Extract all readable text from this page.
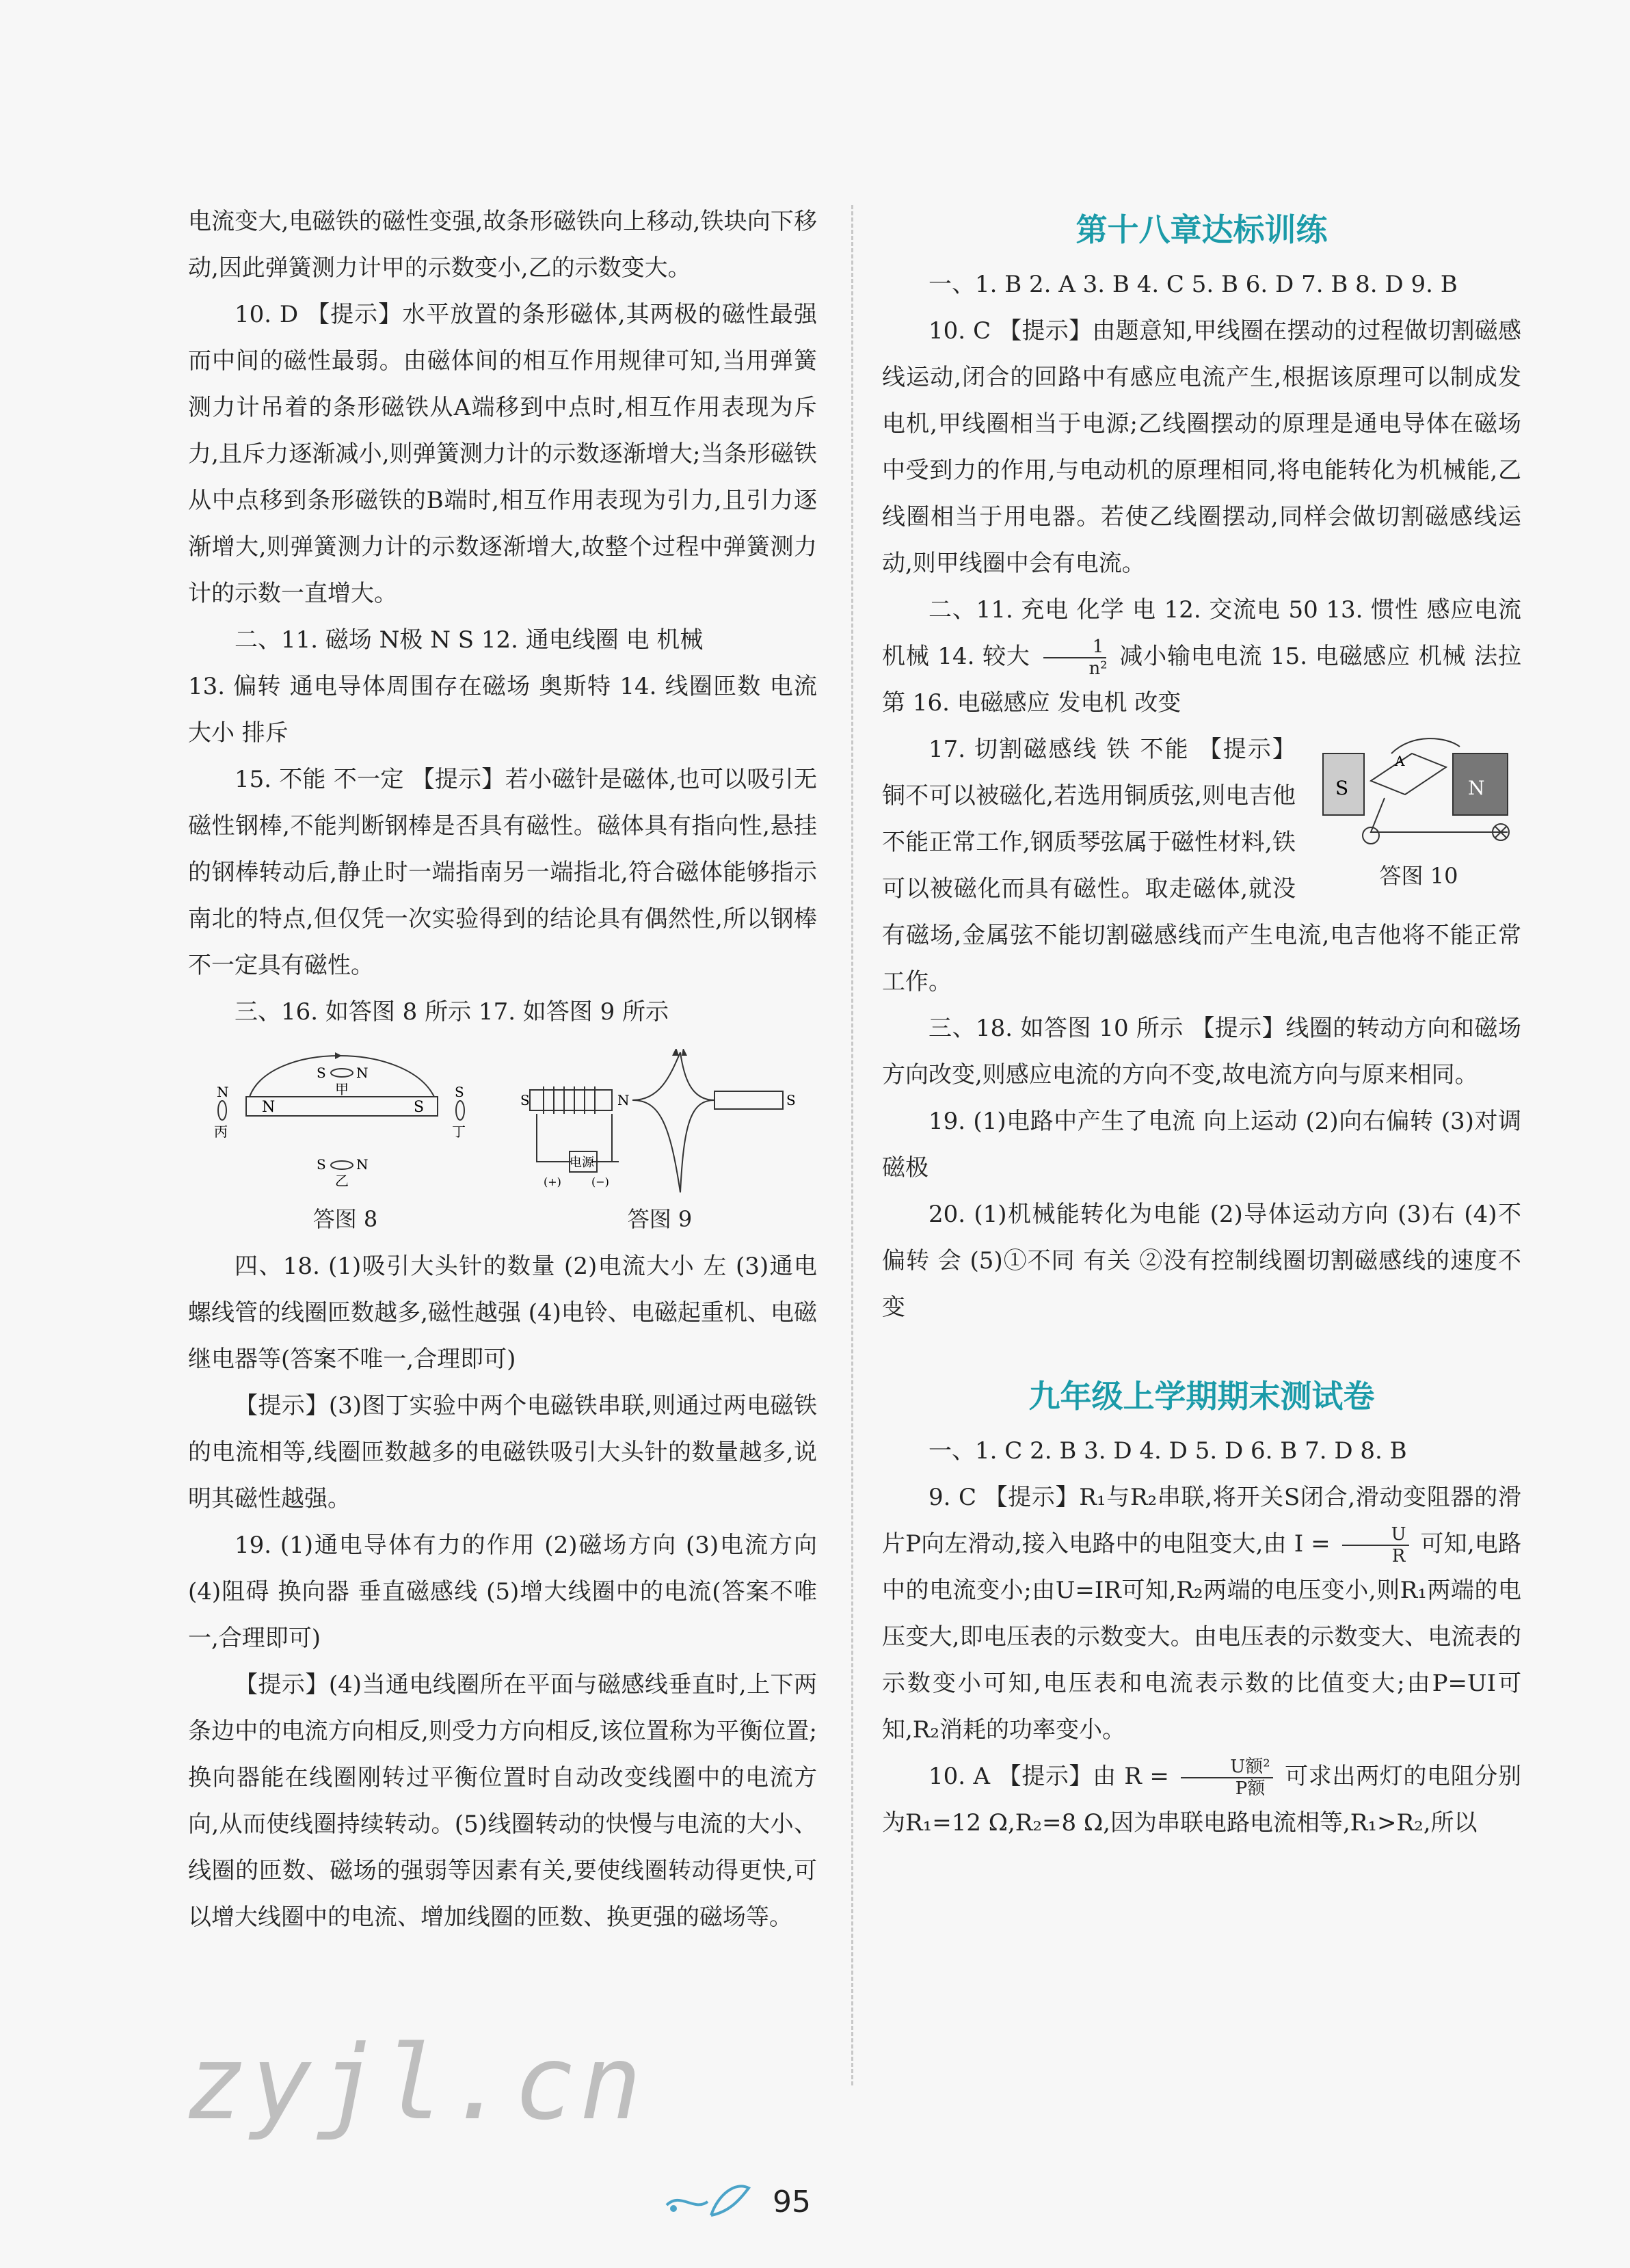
电流变大,电磁铁的磁性变强,故条形磁铁向上移动,铁块向下移动,因此弹簧测力计甲的示数变小,乙的示数变大。

10. D 【提示】水平放置的条形磁体,其两极的磁性最强而中间的磁性最弱。由磁体间的相互作用规律可知,当用弹簧测力计吊着的条形磁铁从A端移到中点时,相互作用表现为斥力,且斥力逐渐减小,则弹簧测力计的示数逐渐增大;当条形磁铁从中点移到条形磁铁的B端时,相互作用表现为引力,且引力逐渐增大,则弹簧测力计的示数逐渐增大,故整个过程中弹簧测力计的示数一直增大。

二、11. 磁场 N极 N S 12. 通电线圈 电 机械

13. 偏转 通电导体周围存在磁场 奥斯特 14. 线圈匝数 电流大小 排斥

15. 不能 不一定 【提示】若小磁针是磁体,也可以吸引无磁性钢棒,不能判断钢棒是否具有磁性。磁体具有指向性,悬挂的钢棒转动后,静止时一端指南另一端指北,符合磁体能够指示南北的特点,但仅凭一次实验得到的结论具有偶然性,所以钢棒不一定具有磁性。

三、16. 如答图 8 所示 17. 如答图 9 所示

N	S
S N
甲
S N
乙
N
丙
S
丁
答图 8
S	N
电源
(+)	(−)
S
答图 9

四、18. (1)吸引大头针的数量 (2)电流大小 左 (3)通电螺线管的线圈匝数越多,磁性越强 (4)电铃、电磁起重机、电磁继电器等(答案不唯一,合理即可)

【提示】(3)图丁实验中两个电磁铁串联,则通过两电磁铁的电流相等,线圈匝数越多的电磁铁吸引大头针的数量越多,说明其磁性越强。

19. (1)通电导体有力的作用 (2)磁场方向 (3)电流方向 (4)阻碍 换向器 垂直磁感线 (5)增大线圈中的电流(答案不唯一,合理即可)

【提示】(4)当通电线圈所在平面与磁感线垂直时,上下两条边中的电流方向相反,则受力方向相反,该位置称为平衡位置;换向器能在线圈刚转过平衡位置时自动改变线圈中的电流方向,从而使线圈持续转动。(5)线圈转动的快慢与电流的大小、线圈的匝数、磁场的强弱等因素有关,要使线圈转动得更快,可以增大线圈中的电流、增加线圈的匝数、换更强的磁场等。

第十八章达标训练

一、1. B 2. A 3. B 4. C 5. B 6. D 7. B 8. D 9. B

10. C 【提示】由题意知,甲线圈在摆动的过程做切割磁感线运动,闭合的回路中有感应电流产生,根据该原理可以制成发电机,甲线圈相当于电源;乙线圈摆动的原理是通电导体在磁场中受到力的作用,与电动机的原理相同,将电能转化为机械能,乙线圈相当于用电器。若使乙线圈摆动,同样会做切割磁感线运动,则甲线圈中会有电流。

二、11. 充电 化学 电 12. 交流电 50 13. 惯性 感应电流 机械 14. 较大 $\frac{1}{\text{n²}}$ 减小输电电流 15. 电磁感应 机械 法拉第 16. 电磁感应 发电机 改变

S	N
A
答图 10

17. 切割磁感线 铁 不能 【提示】铜不可以被磁化,若选用铜质弦,则电吉他不能正常工作,钢质琴弦属于磁性材料,铁可以被磁化而具有磁性。取走磁体,就没有磁场,金属弦不能切割磁感线而产生电流,电吉他将不能正常工作。

三、18. 如答图 10 所示 【提示】线圈的转动方向和磁场方向改变,则感应电流的方向不变,故电流方向与原来相同。

19. (1)电路中产生了电流 向上运动 (2)向右偏转 (3)对调磁极

20. (1)机械能转化为电能 (2)导体运动方向 (3)右 (4)不偏转 会 (5)①不同 有关 ②没有控制线圈切割磁感线的速度不变

九年级上学期期末测试卷

一、1. C 2. B 3. D 4. D 5. D 6. B 7. D 8. B

9. C 【提示】R₁与R₂串联,将开关S闭合,滑动变阻器的滑片P向左滑动,接入电路中的电阻变大,由 $I = \frac{U}{R}$ 可知,电路中的电流变小;由U=IR可知,R₂两端的电压变小,则R₁两端的电压变大,即电压表的示数变大。由电压表的示数变大、电流表的示数变小可知,电压表和电流表示数的比值变大;由P=UI可知,R₂消耗的功率变小。

10. A 【提示】由 $R = \frac{\text{U额²}}{\text{P额}}$ 可求出两灯的电阻分别为R₁=12 Ω,R₂=8 Ω,因为串联电路电流相等,R₁>R₂,所以

zyjl.cn
95
